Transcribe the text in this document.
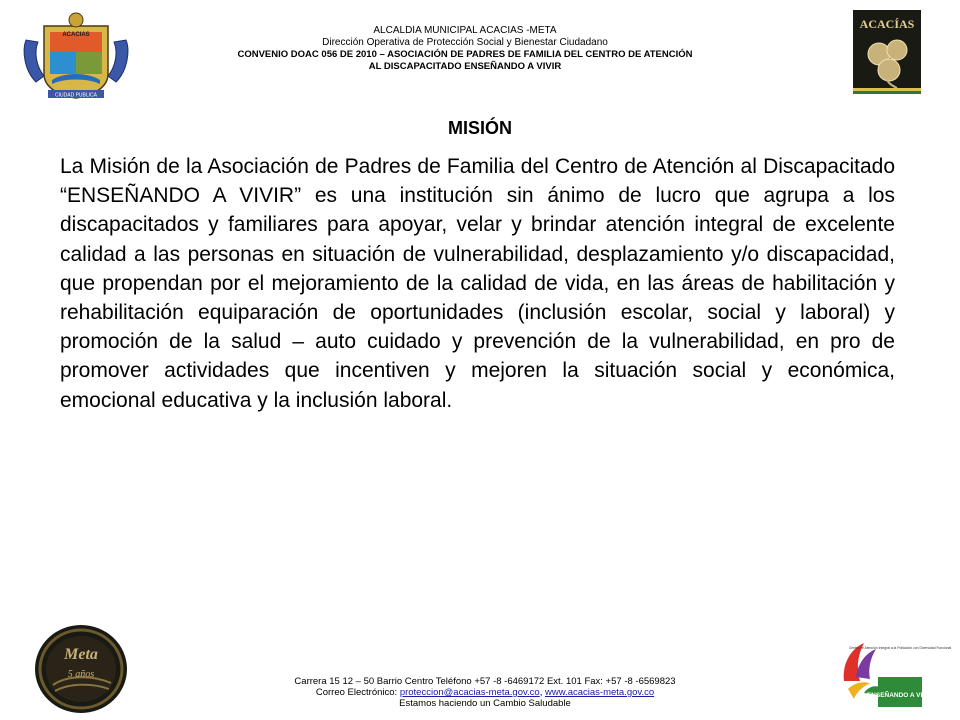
ACACIAS
CIUDAD PUBLICA
ALCALDIA MUNICIPAL ACACIAS -META
Dirección Operativa de Protección Social y Bienestar Ciudadano
CONVENIO DOAC 056 DE 2010 – ASOCIACIÓN DE PADRES DE FAMILIA DEL CENTRO DE ATENCIÓN
AL DISCAPACITADO ENSEÑANDO A VIVIR
ACACÍAS
MISIÓN
La Misión de la Asociación de Padres de Familia del Centro de Atención al Discapacitado “ENSEÑANDO A VIVIR” es una institución sin ánimo de lucro que agrupa a los discapacitados y familiares para apoyar, velar y brindar atención integral de excelente calidad a las personas en situación de vulnerabilidad, desplazamiento y/o discapacidad, que propendan por el mejoramiento de la calidad de vida, en las áreas de habilitación y rehabilitación equiparación de oportunidades (inclusión escolar, social y laboral) y promoción de la salud – auto cuidado y prevención de la vulnerabilidad, en pro de promover actividades que incentiven y mejoren la situación social y económica, emocional educativa y la inclusión laboral.
Meta
5 años
Carrera 15 12 – 50 Barrio Centro Teléfono +57 -8 -6469172 Ext. 101 Fax: +57 -8 -6569823
Correo Electrónico: proteccion@acacias-meta.gov.co, www.acacias-meta.gov.co
Estamos haciendo un Cambio Saludable
Centro de Atención Integral a la Población con Diversidad Funcional
ENSEÑANDO A VIVIR
